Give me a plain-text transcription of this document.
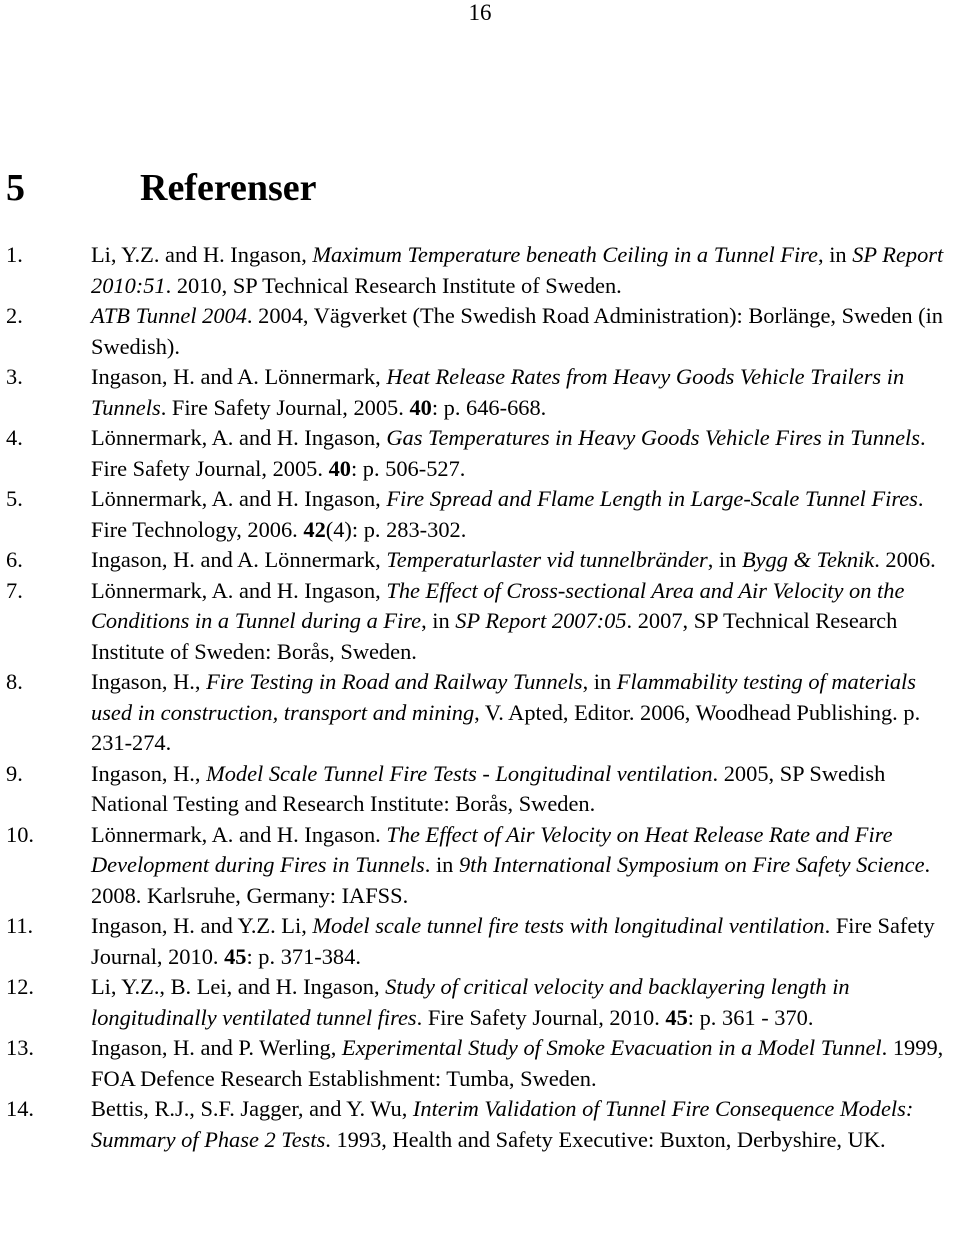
16
5	Referenser
1.	Li, Y.Z. and H. Ingason, Maximum Temperature beneath Ceiling in a Tunnel Fire, in SP Report 2010:51. 2010, SP Technical Research Institute of Sweden.
2.	ATB Tunnel 2004. 2004, Vägverket (The Swedish Road Administration): Borlänge, Sweden (in Swedish).
3.	Ingason, H. and A. Lönnermark, Heat Release Rates from Heavy Goods Vehicle Trailers in Tunnels. Fire Safety Journal, 2005. 40: p. 646-668.
4.	Lönnermark, A. and H. Ingason, Gas Temperatures in Heavy Goods Vehicle Fires in Tunnels. Fire Safety Journal, 2005. 40: p. 506-527.
5.	Lönnermark, A. and H. Ingason, Fire Spread and Flame Length in Large-Scale Tunnel Fires. Fire Technology, 2006. 42(4): p. 283-302.
6.	Ingason, H. and A. Lönnermark, Temperaturlaster vid tunnelbränder, in Bygg & Teknik. 2006.
7.	Lönnermark, A. and H. Ingason, The Effect of Cross-sectional Area and Air Velocity on the Conditions in a Tunnel during a Fire, in SP Report 2007:05. 2007, SP Technical Research Institute of Sweden: Borås, Sweden.
8.	Ingason, H., Fire Testing in Road and Railway Tunnels, in Flammability testing of materials used in construction, transport and mining, V. Apted, Editor. 2006, Woodhead Publishing. p. 231-274.
9.	Ingason, H., Model Scale Tunnel Fire Tests - Longitudinal ventilation. 2005, SP Swedish National Testing and Research Institute: Borås, Sweden.
10.	Lönnermark, A. and H. Ingason. The Effect of Air Velocity on Heat Release Rate and Fire Development during Fires in Tunnels. in 9th International Symposium on Fire Safety Science. 2008. Karlsruhe, Germany: IAFSS.
11.	Ingason, H. and Y.Z. Li, Model scale tunnel fire tests with longitudinal ventilation. Fire Safety Journal, 2010. 45: p. 371-384.
12.	Li, Y.Z., B. Lei, and H. Ingason, Study of critical velocity and backlayering length in longitudinally ventilated tunnel fires. Fire Safety Journal, 2010. 45: p. 361 - 370.
13.	Ingason, H. and P. Werling, Experimental Study of Smoke Evacuation in a Model Tunnel. 1999, FOA Defence Research Establishment: Tumba, Sweden.
14.	Bettis, R.J., S.F. Jagger, and Y. Wu, Interim Validation of Tunnel Fire Consequence Models: Summary of Phase 2 Tests. 1993, Health and Safety Executive: Buxton, Derbyshire, UK.
